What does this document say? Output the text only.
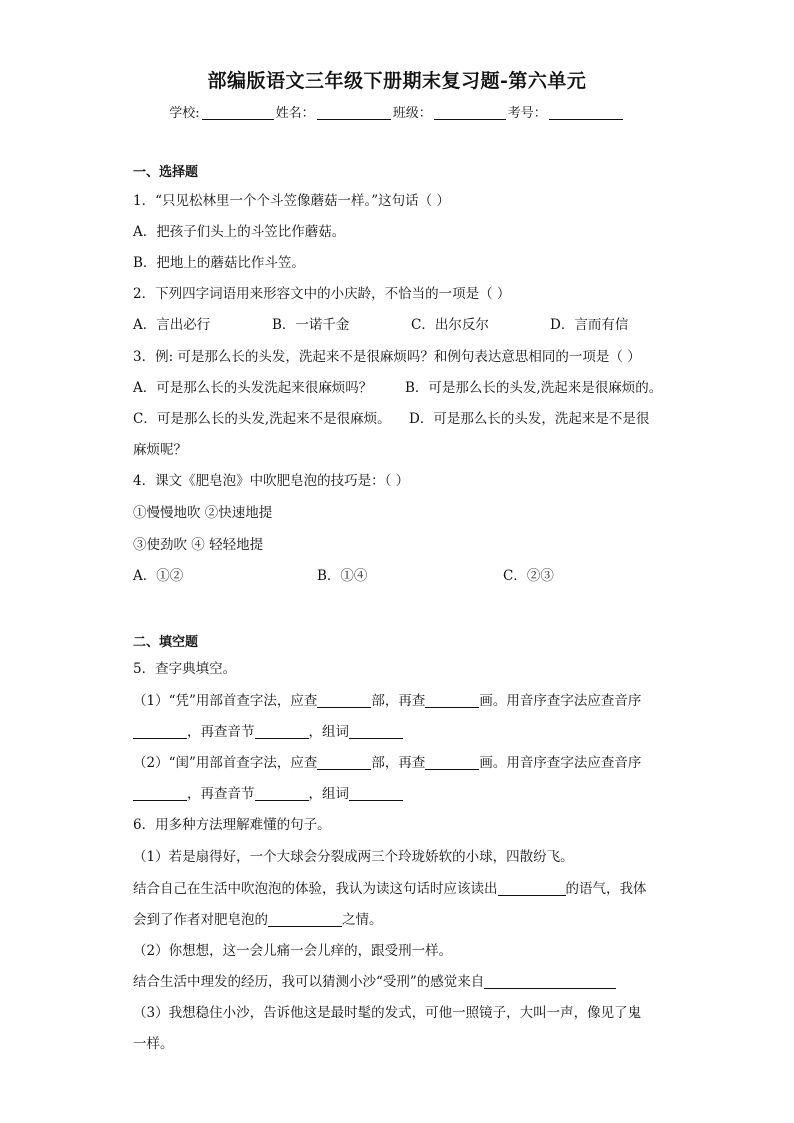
部编版语文三年级下册期末复习题-第六单元
学校:	姓名：	班级：	考号：
一、选择题
1．“只见松林里一个个斗笠像蘑菇一样。”这句话（ ）
A．把孩子们头上的斗笠比作蘑菇。
B．把地上的蘑菇比作斗笠。
2．下列四字词语用来形容文中的小庆龄，不恰当的一项是（ ）
A．言出必行	B．一诺千金	C．出尔反尔	D．言而有信
3．例: 可是那么长的头发，洗起来不是很麻烦吗？和例句表达意思相同的一项是（ ）
A．可是那么长的头发洗起来很麻烦吗？ B．可是那么长的头发,洗起来是很麻烦的。
C．可是那么长的头发,洗起来不是很麻烦。 D．可是那么长的头发，洗起来是不是很
麻烦呢？
4．课文《肥皂泡》中吹肥皂泡的技巧是：（ ）
①慢慢地吹 ②快速地提
③使劲吹 ④ 轻轻地提
A．①②	B．①④	C．②③
二、填空题
5．查字典填空。
（1）“凭”用部首查字法，应查	部，再查	画。用音序查字法应查音序
，再查音节	，组词
（2）“闺”用部首查字法，应查	部，再查	画。用音序查字法应查音序
，再查音节	，组词
6．用多种方法理解难懂的句子。
（1）若是扇得好，一个大球会分裂成两三个玲珑娇软的小球，四散纷飞。
结合自己在生活中吹泡泡的体验，我认为读这句话时应该读出	的语气，我体
会到了作者对肥皂泡的	之情。
（2）你想想，这一会儿痛一会儿痒的，跟受刑一样。
结合生活中理发的经历，我可以猜测小沙“受刑”的感觉来自
（3）我想稳住小沙，告诉他这是最时髦的发式，可他一照镜子，大叫一声，像见了鬼
一样。
